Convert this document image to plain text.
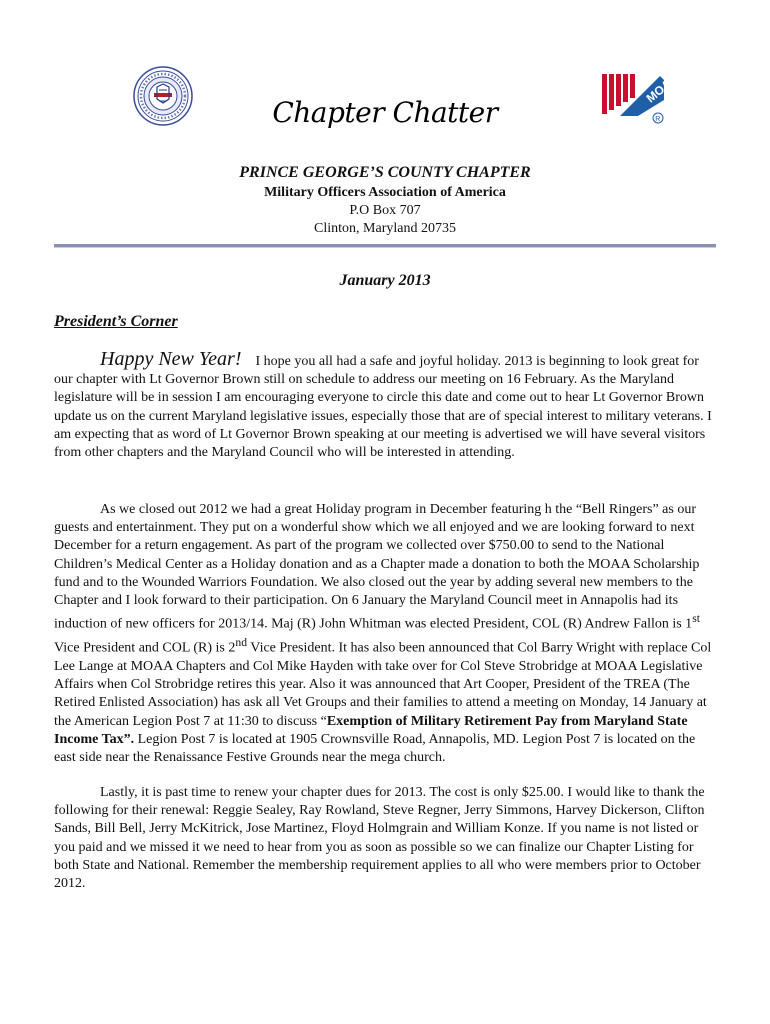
MOAA
R
Chapter Chatter
PRINCE GEORGE’S COUNTY CHAPTER
Military Officers Association of America
P.O Box 707
Clinton, Maryland 20735
January 2013
President’s Corner

Happy New Year! I hope you all had a safe and joyful holiday. 2013 is beginning to look great for our chapter with Lt Governor Brown still on schedule to address our meeting on 16 February. As the Maryland legislature will be in session I am encouraging everyone to circle this date and come out to hear Lt Governor Brown update us on the current Maryland legislative issues, especially those that are of special interest to military veterans. I am expecting that as word of Lt Governor Brown speaking at our meeting is advertised we will have several visitors from other chapters and the Maryland Council who will be interested in attending.

As we closed out 2012 we had a great Holiday program in December featuring h the “Bell Ringers” as our guests and entertainment. They put on a wonderful show which we all enjoyed and we are looking forward to next December for a return engagement. As part of the program we collected over $750.00 to send to the National Children’s Medical Center as a Holiday donation and as a Chapter made a donation to both the MOAA Scholarship fund and to the Wounded Warriors Foundation. We also closed out the year by adding several new members to the Chapter and I look forward to their participation. On 6 January the Maryland Council meet in Annapolis had its induction of new officers for 2013/14. Maj (R) John Whitman was elected President, COL (R) Andrew Fallon is 1st Vice President and COL (R) is 2nd Vice President. It has also been announced that Col Barry Wright with replace Col Lee Lange at MOAA Chapters and Col Mike Hayden with take over for Col Steve Strobridge at MOAA Legislative Affairs when Col Strobridge retires this year. Also it was announced that Art Cooper, President of the TREA (The Retired Enlisted Association) has ask all Vet Groups and their families to attend a meeting on Monday, 14 January at the American Legion Post 7 at 11:30 to discuss “Exemption of Military Retirement Pay from Maryland State Income Tax”. Legion Post 7 is located at 1905 Crownsville Road, Annapolis, MD. Legion Post 7 is located on the east side near the Renaissance Festive Grounds near the mega church.

Lastly, it is past time to renew your chapter dues for 2013. The cost is only $25.00. I would like to thank the following for their renewal: Reggie Sealey, Ray Rowland, Steve Regner, Jerry Simmons, Harvey Dickerson, Clifton Sands, Bill Bell, Jerry McKitrick, Jose Martinez, Floyd Holmgrain and William Konze. If you name is not listed or you paid and we missed it we need to hear from you as soon as possible so we can finalize our Chapter Listing for both State and National. Remember the membership requirement applies to all who were members prior to October 2012.
